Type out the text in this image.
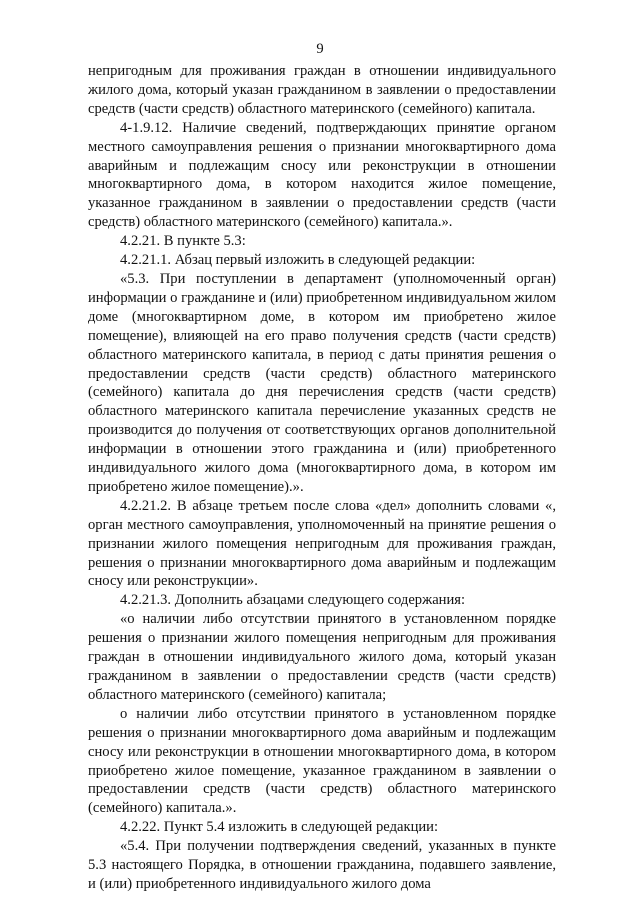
9

непригодным для проживания граждан в отношении индивидуального жилого дома, который указан гражданином в заявлении о предоставлении средств (части средств) областного материнского (семейного) капитала.

4-1.9.12. Наличие сведений, подтверждающих принятие органом местного самоуправления решения о признании многоквартирного дома аварийным и подлежащим сносу или реконструкции в отношении многоквартирного дома, в котором находится жилое помещение, указанное гражданином в заявлении о предоставлении средств (части средств) областного материнского (семейного) капитала.».

4.2.21. В пункте 5.3:

4.2.21.1. Абзац первый изложить в следующей редакции:

«5.3. При поступлении в департамент (уполномоченный орган) информации о гражданине и (или) приобретенном индивидуальном жилом доме (многоквартирном доме, в котором им приобретено жилое помещение), влияющей на его право получения средств (части средств) областного материнского капитала, в период с даты принятия решения о предоставлении средств (части средств) областного материнского (семейного) капитала до дня перечисления средств (части средств) областного материнского капитала перечисление указанных средств не производится до получения от соответствующих органов дополнительной информации в отношении этого гражданина и (или) приобретенного индивидуального жилого дома (многоквартирного дома, в котором им приобретено жилое помещение).».

4.2.21.2. В абзаце третьем после слова «дел» дополнить словами «, орган местного самоуправления, уполномоченный на принятие решения о признании жилого помещения непригодным для проживания граждан, решения о признании многоквартирного дома аварийным и подлежащим сносу или реконструкции».

4.2.21.3. Дополнить абзацами следующего содержания:

«о наличии либо отсутствии принятого в установленном порядке решения о признании жилого помещения непригодным для проживания граждан в отношении индивидуального жилого дома, который указан гражданином в заявлении о предоставлении средств (части средств) областного материнского (семейного) капитала;

о наличии либо отсутствии принятого в установленном порядке решения о признании многоквартирного дома аварийным и подлежащим сносу или реконструкции в отношении многоквартирного дома, в котором приобретено жилое помещение, указанное гражданином в заявлении о предоставлении средств (части средств) областного материнского (семейного) капитала.».

4.2.22. Пункт 5.4 изложить в следующей редакции:

«5.4. При получении подтверждения сведений, указанных в пункте 5.3 настоящего Порядка, в отношении гражданина, подавшего заявление, и (или) приобретенного индивидуального жилого дома
